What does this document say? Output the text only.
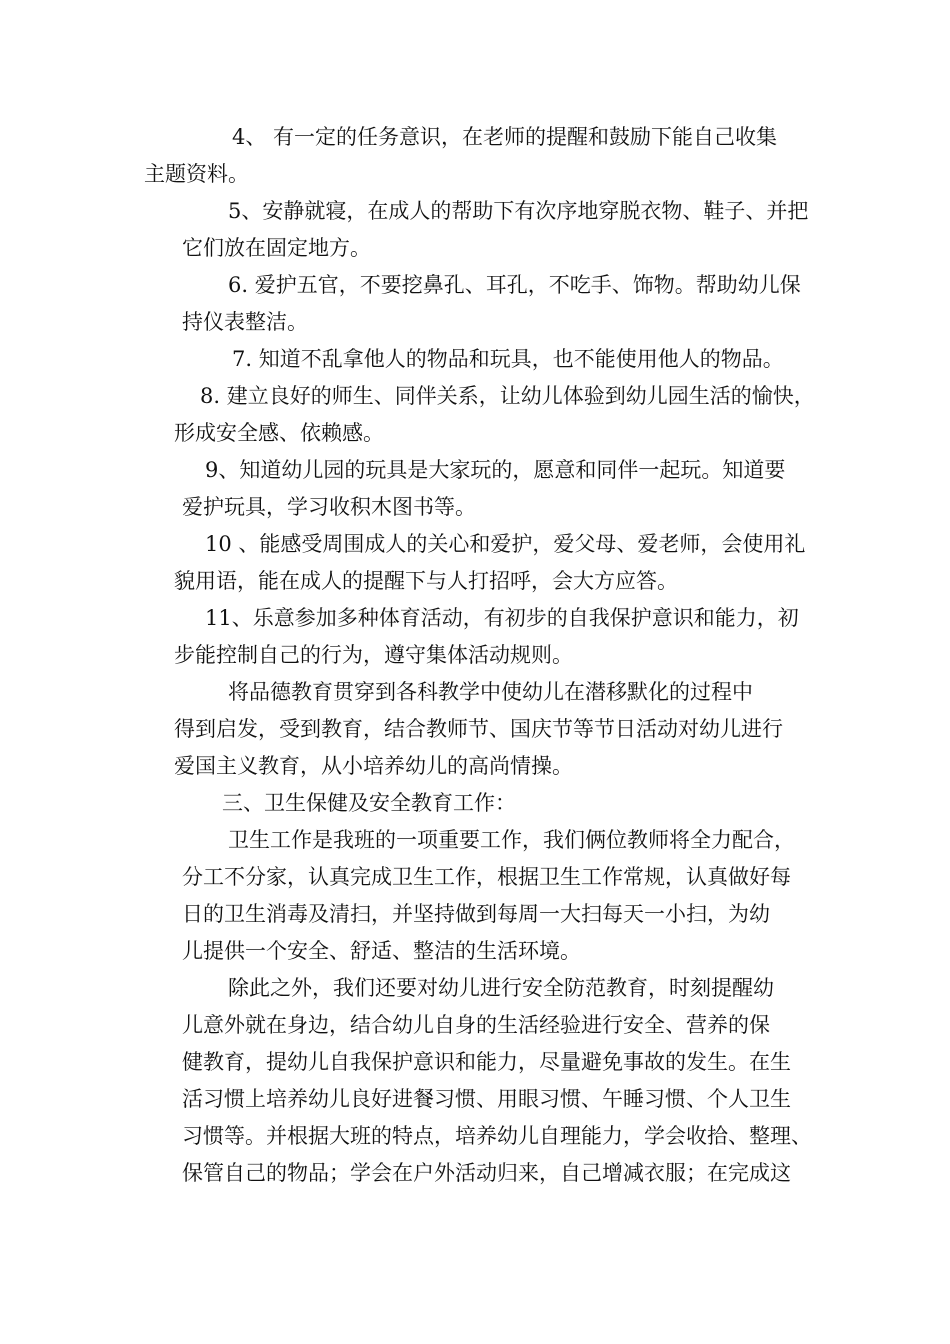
4、 有一定的任务意识，在老师的提醒和鼓励下能自己收集
主题资料。
5、安静就寝，在成人的帮助下有次序地穿脱衣物、鞋子、并把
它们放在固定地方。
6. 爱护五官，不要挖鼻孔、耳孔，不吃手、饰物。帮助幼儿保
持仪表整洁。
7. 知道不乱拿他人的物品和玩具，也不能使用他人的物品。
8. 建立良好的师生、同伴关系，让幼儿体验到幼儿园生活的愉快，
形成安全感、依赖感。
9、知道幼儿园的玩具是大家玩的，愿意和同伴一起玩。知道要
爱护玩具，学习收积木图书等。
10 、能感受周围成人的关心和爱护，爱父母、爱老师，会使用礼
貌用语，能在成人的提醒下与人打招呼，会大方应答。
11、乐意参加多种体育活动，有初步的自我保护意识和能力，初
步能控制自己的行为，遵守集体活动规则。
将品德教育贯穿到各科教学中使幼儿在潜移默化的过程中
得到启发，受到教育，结合教师节、国庆节等节日活动对幼儿进行
爱国主义教育，从小培养幼儿的高尚情操。
三、卫生保健及安全教育工作：
卫生工作是我班的一项重要工作，我们俩位教师将全力配合，
分工不分家，认真完成卫生工作，根据卫生工作常规，认真做好每
日的卫生消毒及清扫，并坚持做到每周一大扫每天一小扫，为幼
儿提供一个安全、舒适、整洁的生活环境。
除此之外，我们还要对幼儿进行安全防范教育，时刻提醒幼
儿意外就在身边，结合幼儿自身的生活经验进行安全、营养的保
健教育，提幼儿自我保护意识和能力，尽量避免事故的发生。在生
活习惯上培养幼儿良好进餐习惯、用眼习惯、午睡习惯、个人卫生
习惯等。并根据大班的特点，培养幼儿自理能力，学会收拾、整理、
保管自己的物品；学会在户外活动归来，自己增减衣服；在完成这
